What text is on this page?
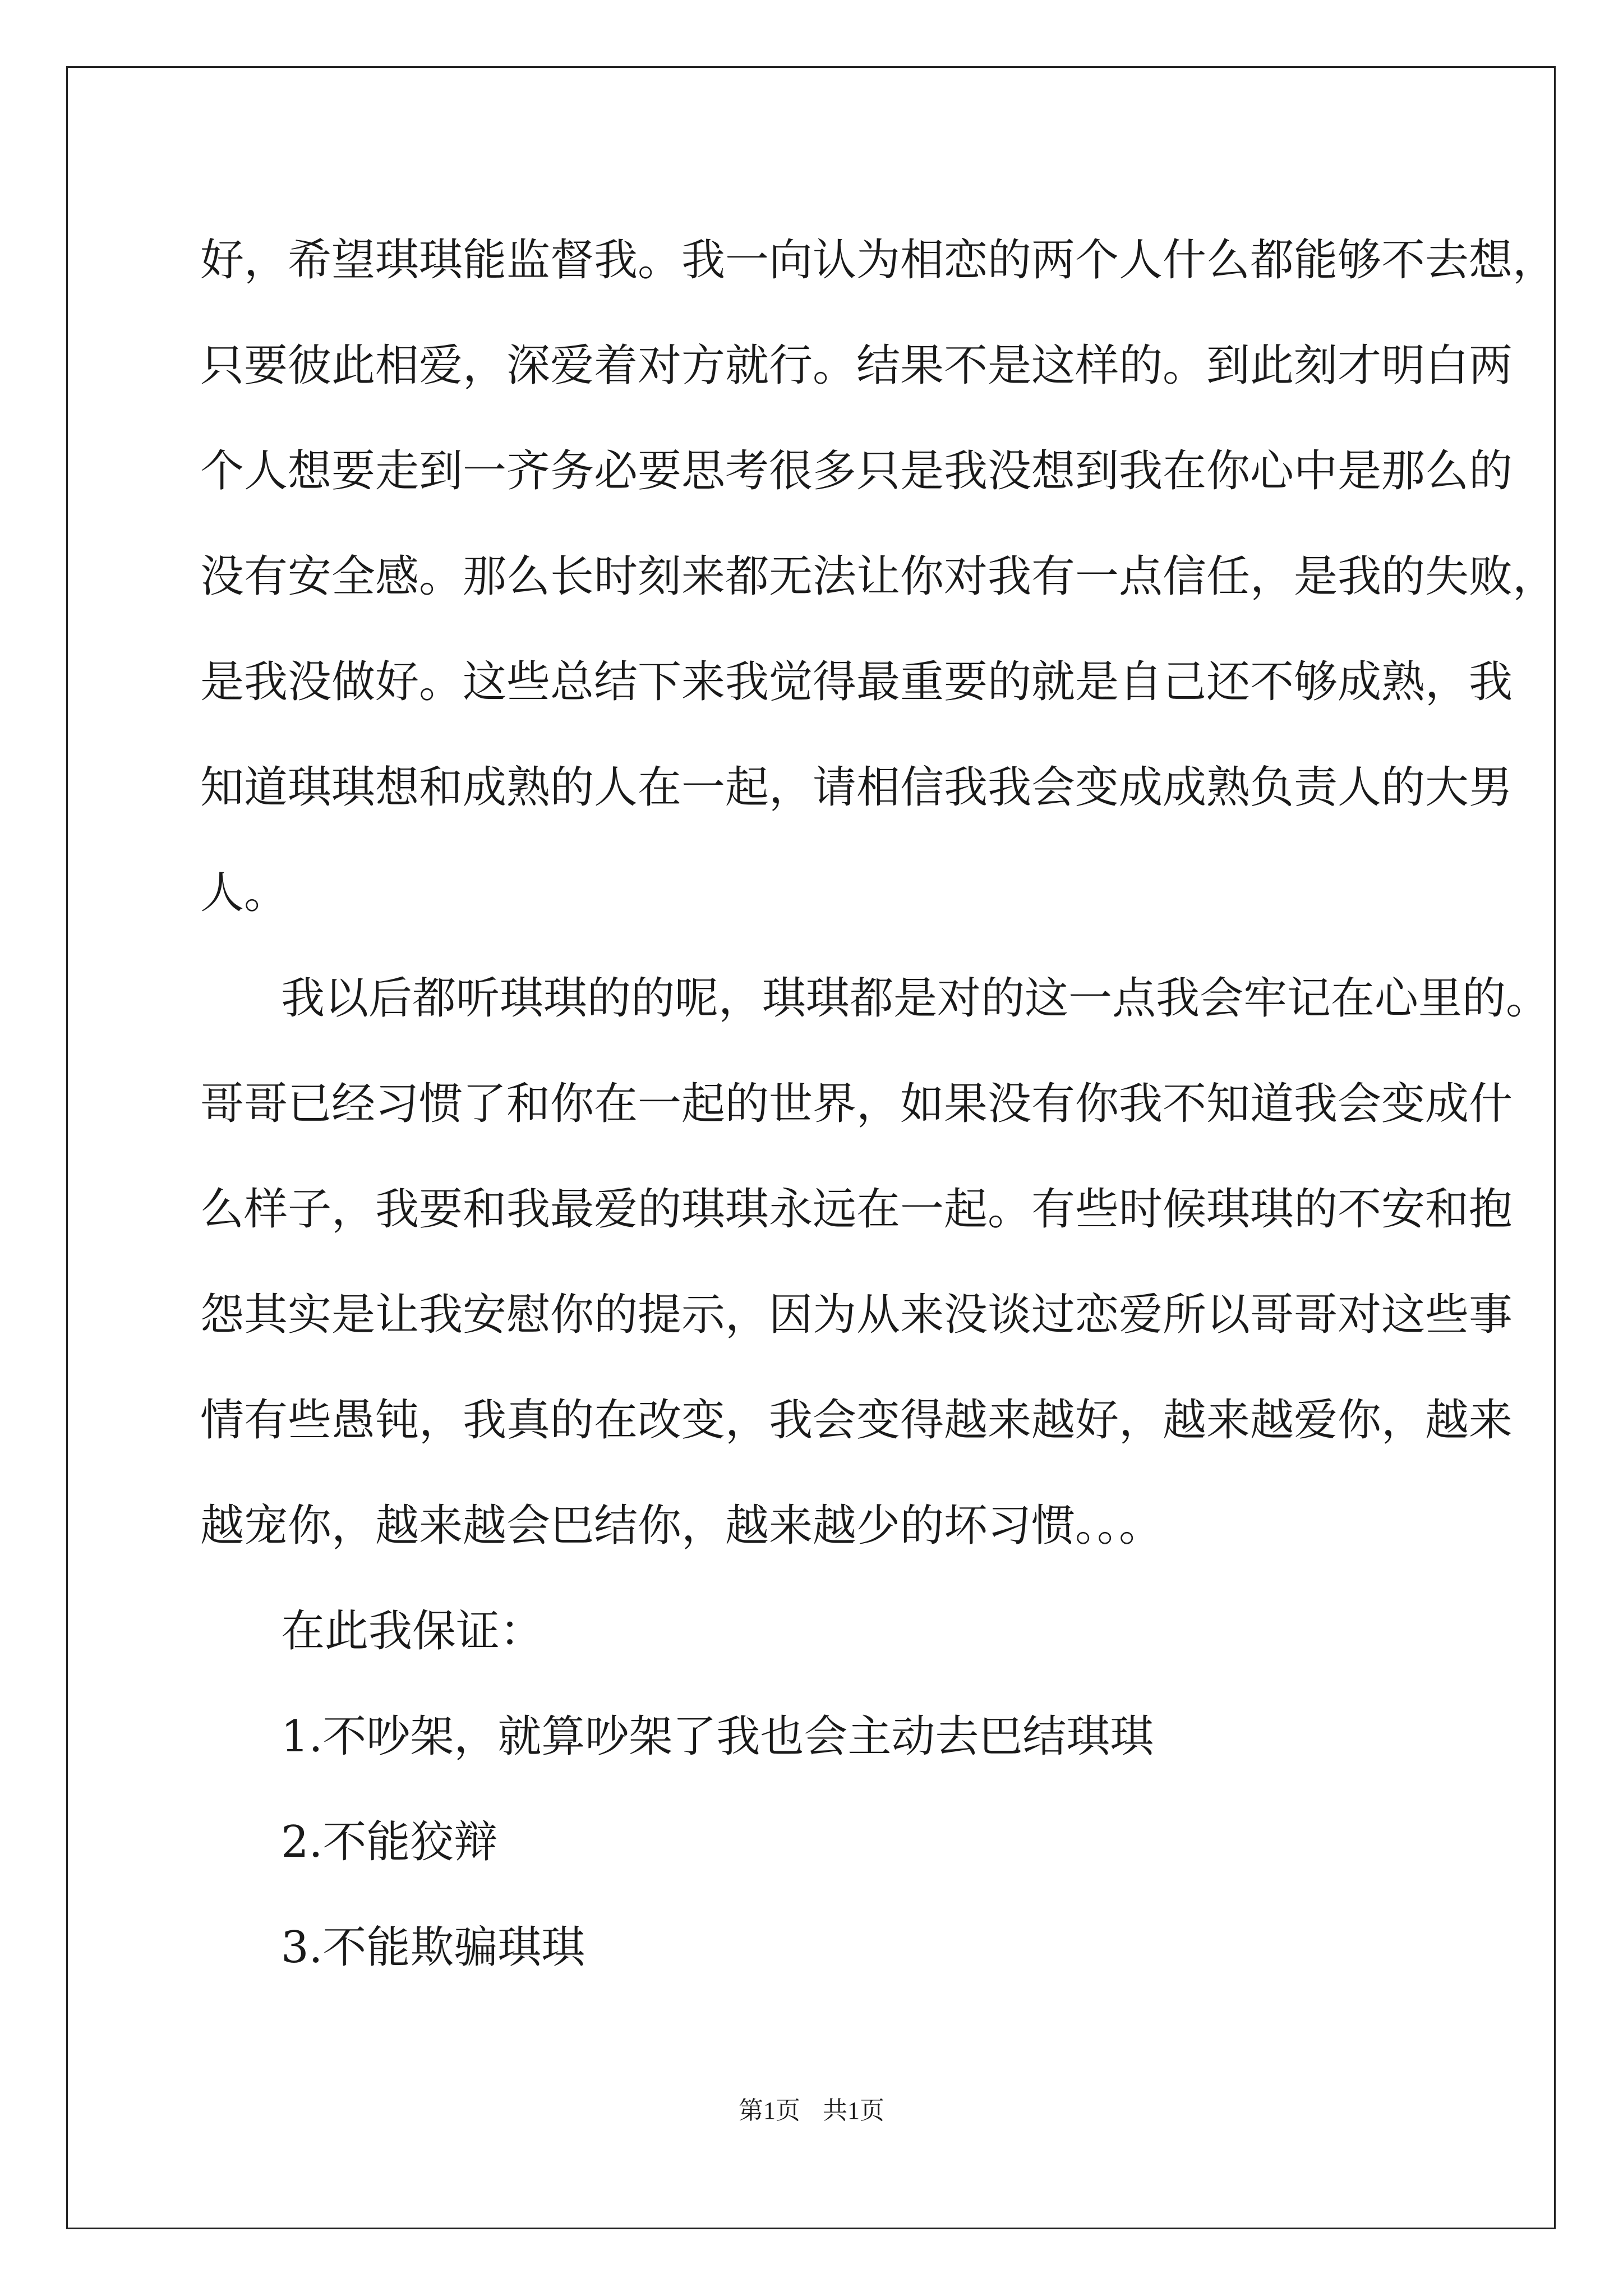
好，希望琪琪能监督我。我一向认为相恋的两个人什么都能够不去想，
只要彼此相爱，深爱着对方就行。结果不是这样的。到此刻才明白两
个人想要走到一齐务必要思考很多只是我没想到我在你心中是那么的
没有安全感。那么长时刻来都无法让你对我有一点信任，是我的失败，
是我没做好。这些总结下来我觉得最重要的就是自己还不够成熟，我
知道琪琪想和成熟的人在一起，请相信我我会变成成熟负责人的大男
人。
我以后都听琪琪的的呢，琪琪都是对的这一点我会牢记在心里的。
哥哥已经习惯了和你在一起的世界，如果没有你我不知道我会变成什
么样子，我要和我最爱的琪琪永远在一起。有些时候琪琪的不安和抱
怨其实是让我安慰你的提示，因为从来没谈过恋爱所以哥哥对这些事
情有些愚钝，我真的在改变，我会变得越来越好，越来越爱你，越来
越宠你，越来越会巴结你，越来越少的坏习惯。。。
在此我保证：
1.不吵架，就算吵架了我也会主动去巴结琪琪
2.不能狡辩
3.不能欺骗琪琪
第1页 共1页
